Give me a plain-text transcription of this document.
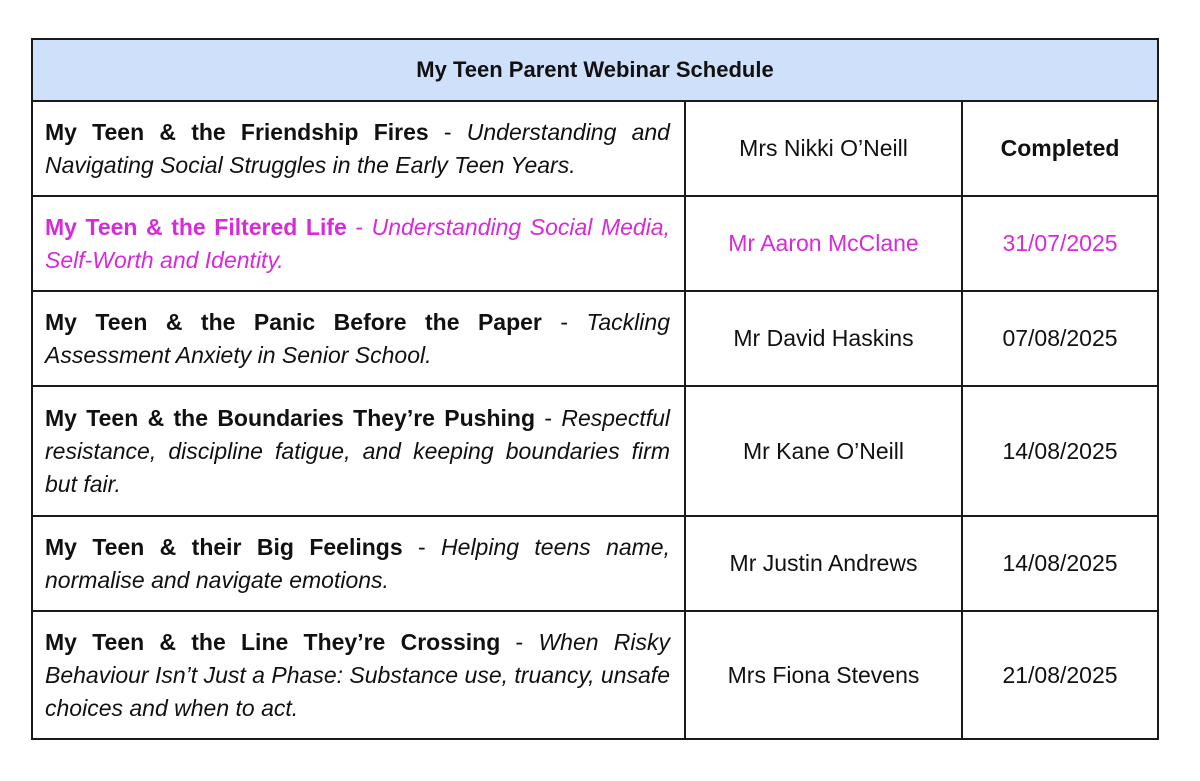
My Teen Parent Webinar Schedule		
My Teen & the Friendship Fires - Understanding and Navigating Social Struggles in the Early Teen Years.	Mrs Nikki O’Neill	Completed
My Teen & the Filtered Life - Understanding Social Media, Self-Worth and Identity.	Mr Aaron McClane	31/07/2025
My Teen & the Panic Before the Paper - Tackling Assessment Anxiety in Senior School.	Mr David Haskins	07/08/2025
My Teen & the Boundaries They’re Pushing - Respectful resistance, discipline fatigue, and keeping boundaries firm but fair.	Mr Kane O’Neill	14/08/2025
My Teen & their Big Feelings - Helping teens name, normalise and navigate emotions.	Mr Justin Andrews	14/08/2025
My Teen & the Line They’re Crossing - When Risky Behaviour Isn’t Just a Phase: Substance use, truancy, unsafe choices and when to act.	Mrs Fiona Stevens	21/08/2025
